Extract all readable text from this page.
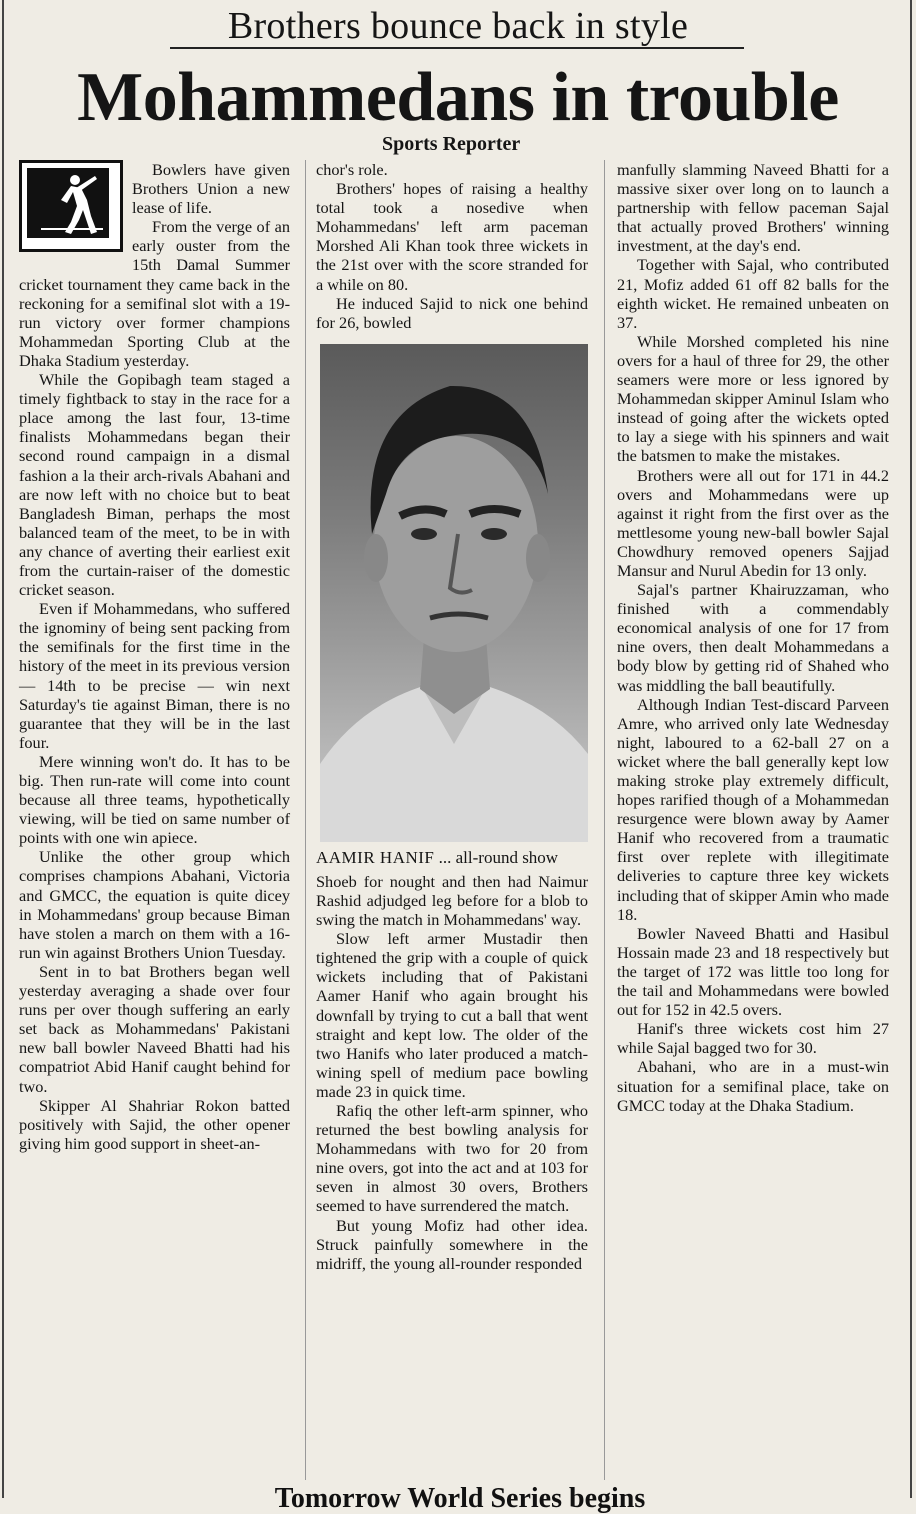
Brothers bounce back in style
Mohammedans in trouble
Sports Reporter

Bowlers have given Brothers Union a new lease of life.

From the verge of an early ouster from the 15th Damal Summer cricket tournament they came back in the reckoning for a semifinal slot with a 19-run victory over former champions Mohammedan Sporting Club at the Dhaka Stadium yesterday.

While the Gopibagh team staged a timely fightback to stay in the race for a place among the last four, 13-time finalists Mohammedans began their second round campaign in a dismal fashion a la their arch-rivals Abahani and are now left with no choice but to beat Bangladesh Biman, perhaps the most balanced team of the meet, to be in with any chance of averting their earliest exit from the curtain-raiser of the domestic cricket season.

Even if Mohammedans, who suffered the ignominy of being sent packing from the semifinals for the first time in the history of the meet in its previous version — 14th to be precise — win next Saturday's tie against Biman, there is no guarantee that they will be in the last four.

Mere winning won't do. It has to be big. Then run-rate will come into count because all three teams, hypothetically viewing, will be tied on same number of points with one win apiece.

Unlike the other group which comprises champions Abahani, Victoria and GMCC, the equation is quite dicey in Mohammedans' group because Biman have stolen a march on them with a 16-run win against Brothers Union Tuesday.

Sent in to bat Brothers began well yesterday averaging a shade over four runs per over though suffering an early set back as Mohammedans' Pakistani new ball bowler Naveed Bhatti had his compatriot Abid Hanif caught behind for two.

Skipper Al Shahriar Rokon batted positively with Sajid, the other opener giving him good support in sheet-an-

chor's role.

Brothers' hopes of raising a healthy total took a nosedive when Mohammedans' left arm paceman Morshed Ali Khan took three wickets in the 21st over with the score stranded for a while on 80.

He induced Sajid to nick one behind for 26, bowled

AAMIR HANIF ... all-round show

Shoeb for nought and then had Naimur Rashid adjudged leg before for a blob to swing the match in Mohammedans' way.

Slow left armer Mustadir then tightened the grip with a couple of quick wickets including that of Pakistani Aamer Hanif who again brought his downfall by trying to cut a ball that went straight and kept low. The older of the two Hanifs who later produced a match-wining spell of medium pace bowling made 23 in quick time.

Rafiq the other left-arm spinner, who returned the best bowling analysis for Mohammedans with two for 20 from nine overs, got into the act and at 103 for seven in almost 30 overs, Brothers seemed to have surrendered the match.

But young Mofiz had other idea. Struck painfully somewhere in the midriff, the young all-rounder responded

manfully slamming Naveed Bhatti for a massive sixer over long on to launch a partnership with fellow paceman Sajal that actually proved Brothers' winning investment, at the day's end.

Together with Sajal, who contributed 21, Mofiz added 61 off 82 balls for the eighth wicket. He remained unbeaten on 37.

While Morshed completed his nine overs for a haul of three for 29, the other seamers were more or less ignored by Mohammedan skipper Aminul Islam who instead of going after the wickets opted to lay a siege with his spinners and wait the batsmen to make the mistakes.

Brothers were all out for 171 in 44.2 overs and Mohammedans were up against it right from the first over as the mettlesome young new-ball bowler Sajal Chowdhury removed openers Sajjad Mansur and Nurul Abedin for 13 only.

Sajal's partner Khairuzzaman, who finished with a commendably economical analysis of one for 17 from nine overs, then dealt Mohammedans a body blow by getting rid of Shahed who was middling the ball beautifully.

Although Indian Test-discard Parveen Amre, who arrived only late Wednesday night, laboured to a 62-ball 27 on a wicket where the ball generally kept low making stroke play extremely difficult, hopes rarified though of a Mohammedan resurgence were blown away by Aamer Hanif who recovered from a traumatic first over replete with illegitimate deliveries to capture three key wickets including that of skipper Amin who made 18.

Bowler Naveed Bhatti and Hasibul Hossain made 23 and 18 respectively but the target of 172 was little too long for the tail and Mohammedans were bowled out for 152 in 42.5 overs.

Hanif's three wickets cost him 27 while Sajal bagged two for 30.

Abahani, who are in a must-win situation for a semifinal place, take on GMCC today at the Dhaka Stadium.

Tomorrow World Series begins
